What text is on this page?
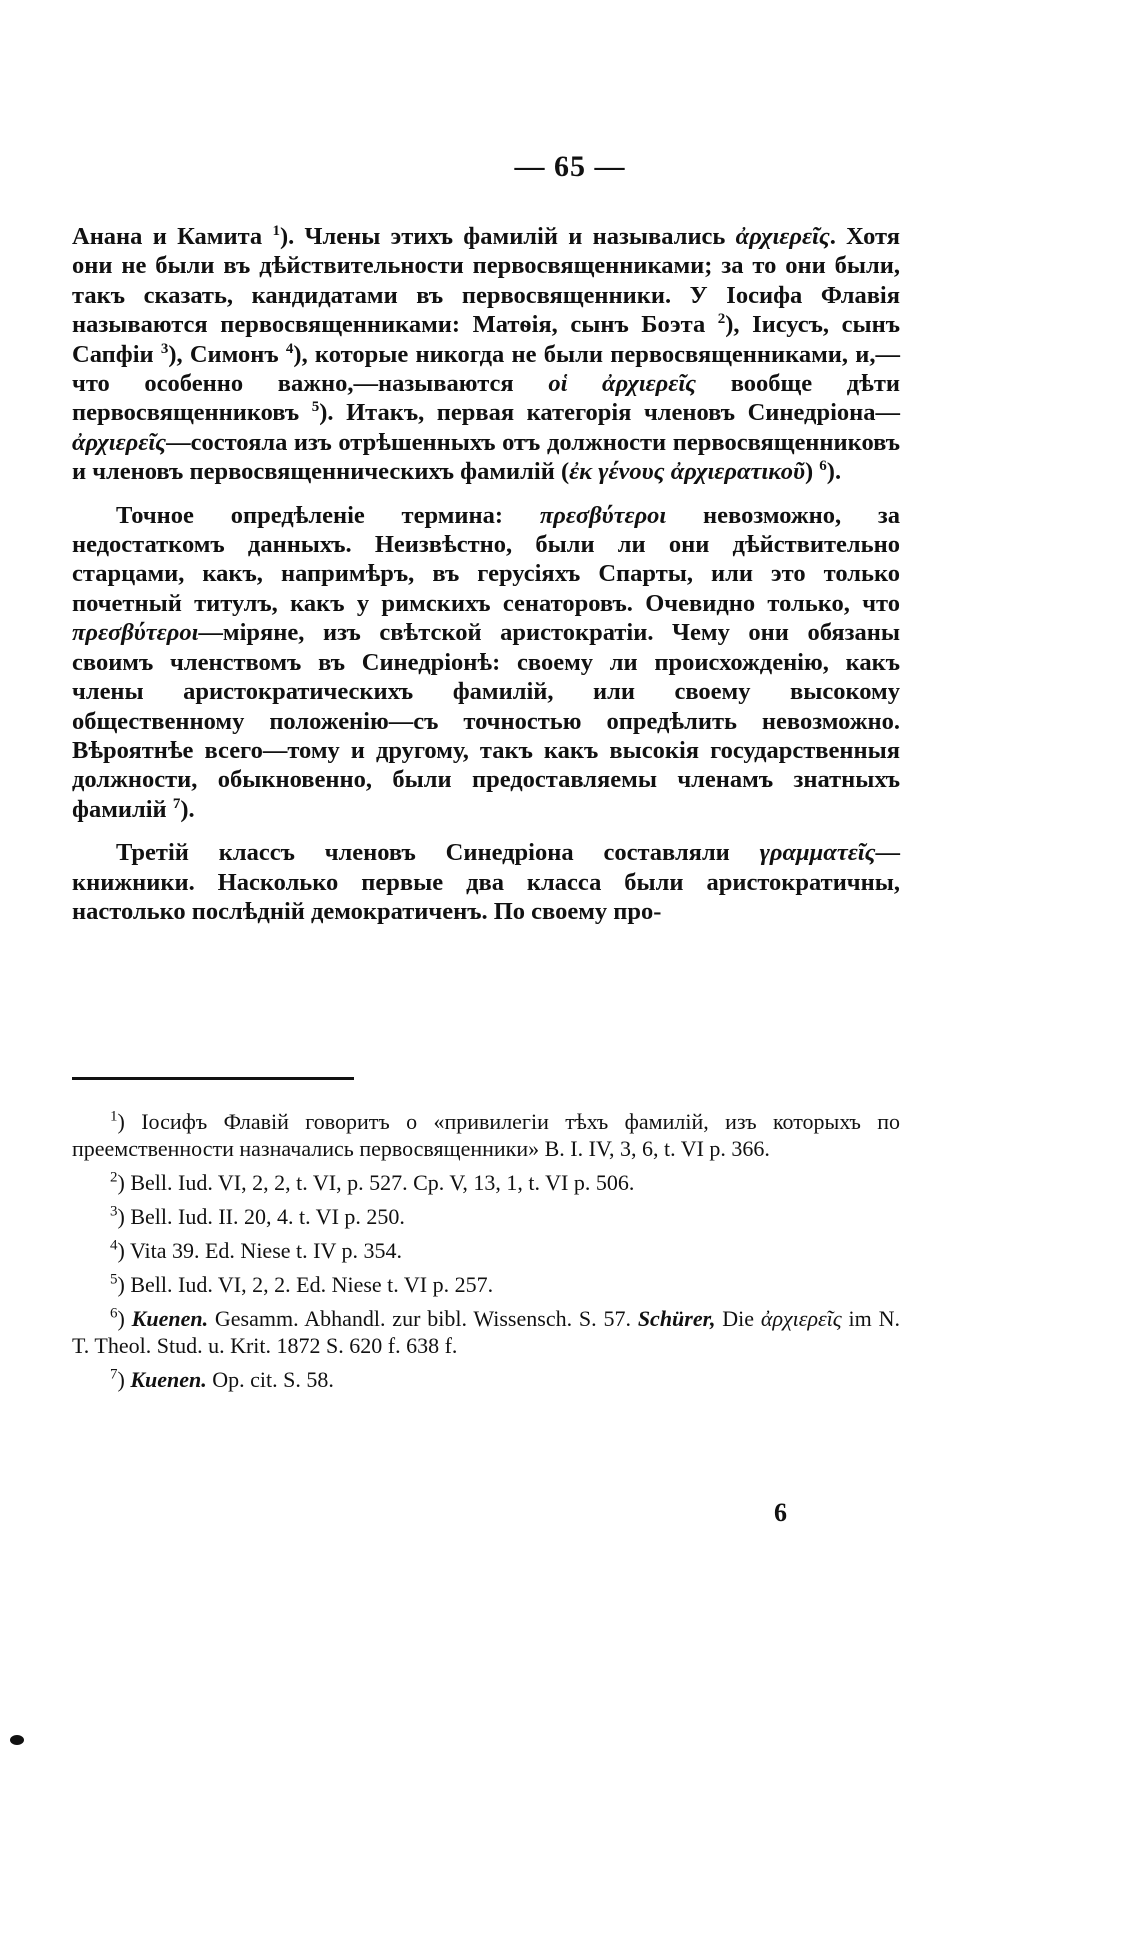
— 65 —

Анана и Камита $^1$). Члены этихъ фамилій и назывались ἀρχιερεῖς. Хотя они не были въ дѣйствительности первосвященниками; за то они были, такъ сказать, кандидатами въ первосвященники. У Іосифа Флавія называются первосвященниками: Матѳія, сынъ Боэта $^2$), Іисусъ, сынъ Сапфіи $^3$), Симонъ $^4$), которые никогда не были первосвященниками, и,—что особенно важно,—называются οἱ ἀρχιερεῖς вообще дѣти первосвященниковъ $^5$). Итакъ, первая категорія членовъ Синедріона—ἀρχιερεῖς—состояла изъ отрѣшенныхъ отъ должности первосвященниковъ и членовъ первосвященническихъ фамилій (ἐκ γένους ἀρχιερατικοῦ) $^6$).

Точное опредѣленіе термина: πρεσβύτεροι невозможно, за недостаткомъ данныхъ. Неизвѣстно, были ли они дѣйствительно старцами, какъ, напримѣръ, въ герусіяхъ Спарты, или это только почетный титулъ, какъ у римскихъ сенаторовъ. Очевидно только, что πρεσβύτεροι—міряне, изъ свѣтской аристократіи. Чему они обязаны своимъ членствомъ въ Синедріонѣ: своему ли происхожденію, какъ члены аристократическихъ фамилій, или своему высокому общественному положенію—съ точностью опредѣлить невозможно. Вѣроятнѣе всего—тому и другому, такъ какъ высокія государственныя должности, обыкновенно, были предоставляемы членамъ знатныхъ фамилій $^7$).

Третій классъ членовъ Синедріона составляли γραμματεῖς—книжники. Насколько первые два класса были аристократичны, настолько послѣдній демократиченъ. По своему про-

$^1$) Іосифъ Флавій говоритъ о «привилегіи тѣхъ фамилій, изъ которыхъ по преемственности назначались первосвященники» B. I. IV, 3, 6, t. VI p. 366.
$^2$) Bell. Iud. VI, 2, 2, t. VI, p. 527. Cp. V, 13, 1, t. VI p. 506.
$^3$) Bell. Iud. II. 20, 4. t. VI p. 250.
$^4$) Vita 39. Ed. Niese t. IV p. 354.
$^5$) Bell. Iud. VI, 2, 2. Ed. Niese t. VI p. 257.
$^6$) Kuenen. Gesamm. Abhandl. zur bibl. Wissensch. S. 57. Schürer, Die ἀρχιερεῖς im N. T. Theol. Stud. u. Krit. 1872 S. 620 f. 638 f.
$^7$) Kuenen. Op. cit. S. 58.
6
